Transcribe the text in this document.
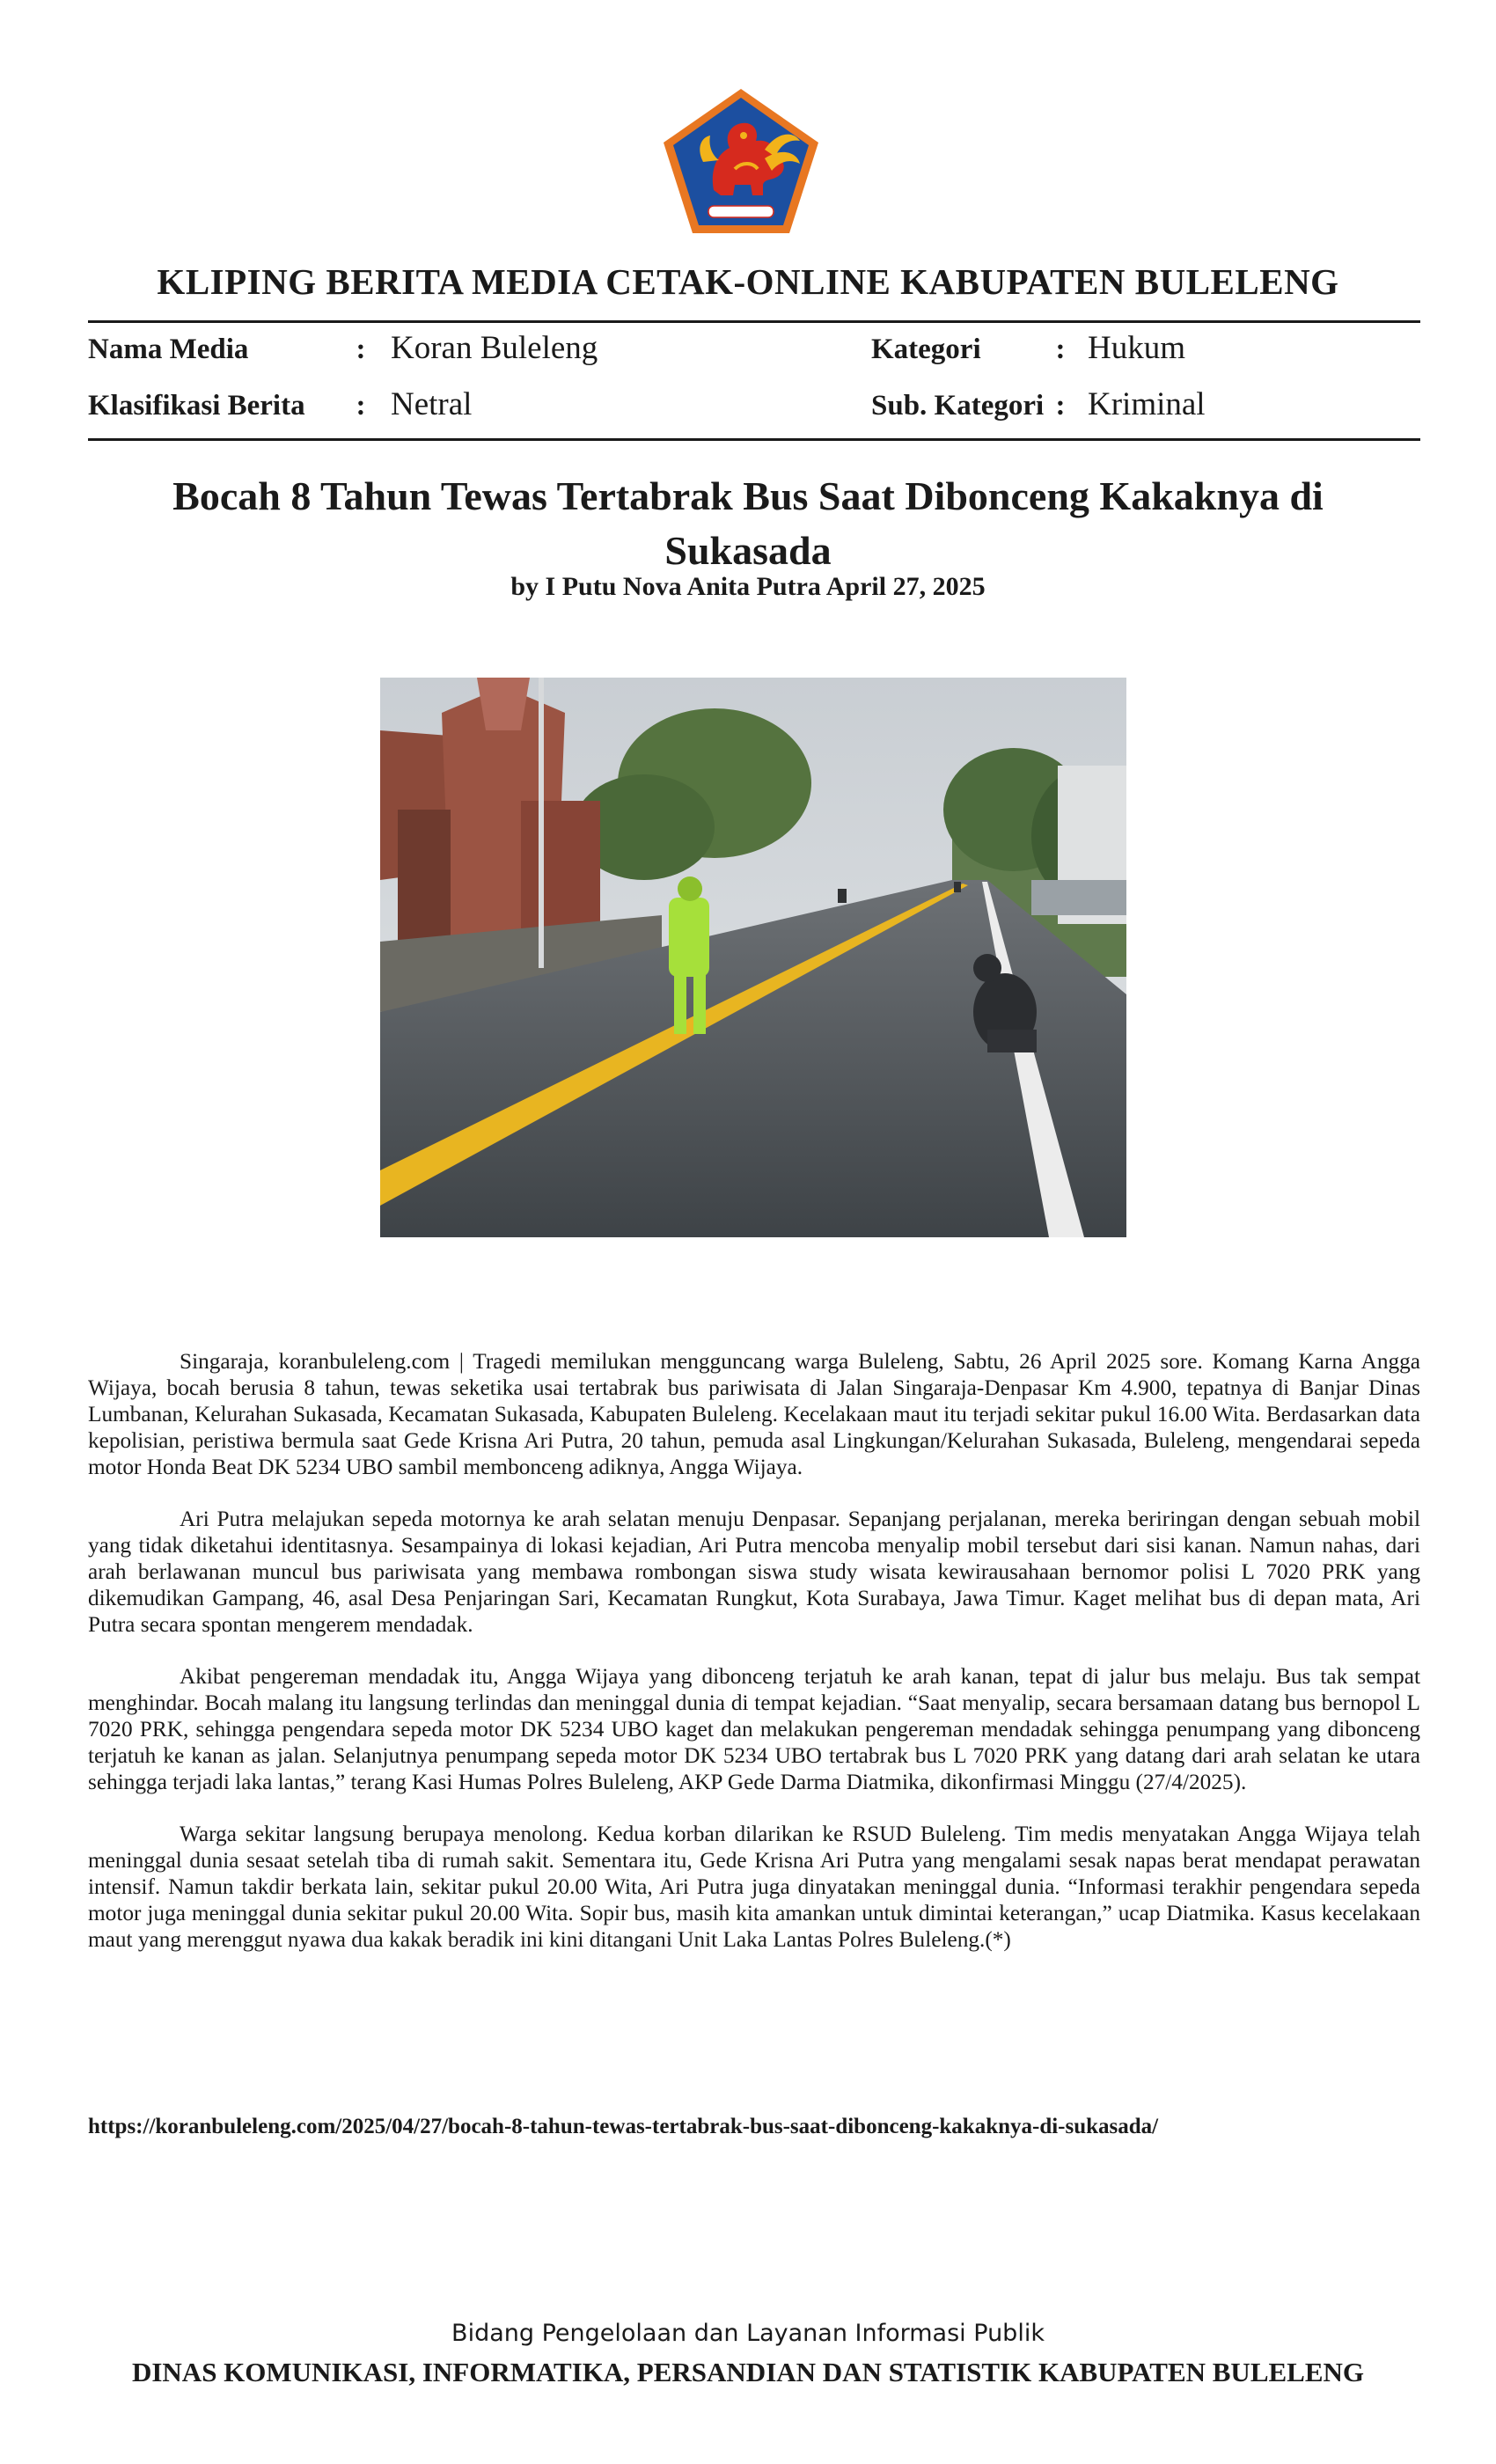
KLIPING BERITA MEDIA CETAK-ONLINE KABUPATEN BULELENG
Nama Media	: Koran Buleleng
Klasifikasi Berita : Netral
Kategori	: Hukum
Sub. Kategori : Kriminal
Bocah 8 Tahun Tewas Tertabrak Bus Saat Dibonceng Kakaknya di Sukasada
by I Putu Nova Anita Putra April 27, 2025

Singaraja, koranbuleleng.com | Tragedi memilukan mengguncang warga Buleleng, Sabtu, 26 April 2025 sore. Komang Karna Angga Wijaya, bocah berusia 8 tahun, tewas seketika usai tertabrak bus pariwisata di Jalan Singaraja-Denpasar Km 4.900, tepatnya di Banjar Dinas Lumbanan, Kelurahan Sukasada, Kecamatan Sukasada, Kabupaten Buleleng. Kecelakaan maut itu terjadi sekitar pukul 16.00 Wita. Berdasarkan data kepolisian, peristiwa bermula saat Gede Krisna Ari Putra, 20 tahun, pemuda asal Lingkungan/Kelurahan Sukasada, Buleleng, mengendarai sepeda motor Honda Beat DK 5234 UBO sambil membonceng adiknya, Angga Wijaya.

Ari Putra melajukan sepeda motornya ke arah selatan menuju Denpasar. Sepanjang perjalanan, mereka beriringan dengan sebuah mobil yang tidak diketahui identitasnya. Sesampainya di lokasi kejadian, Ari Putra mencoba menyalip mobil tersebut dari sisi kanan. Namun nahas, dari arah berlawanan muncul bus pariwisata yang membawa rombongan siswa study wisata kewirausahaan bernomor polisi L 7020 PRK yang dikemudikan Gampang, 46, asal Desa Penjaringan Sari, Kecamatan Rungkut, Kota Surabaya, Jawa Timur. Kaget melihat bus di depan mata, Ari Putra secara spontan mengerem mendadak.

Akibat pengereman mendadak itu, Angga Wijaya yang dibonceng terjatuh ke arah kanan, tepat di jalur bus melaju. Bus tak sempat menghindar. Bocah malang itu langsung terlindas dan meninggal dunia di tempat kejadian. “Saat menyalip, secara bersamaan datang bus bernopol L 7020 PRK, sehingga pengendara sepeda motor DK 5234 UBO kaget dan melakukan pengereman mendadak sehingga penumpang yang dibonceng terjatuh ke kanan as jalan. Selanjutnya penumpang sepeda motor DK 5234 UBO tertabrak bus L 7020 PRK yang datang dari arah selatan ke utara sehingga terjadi laka lantas,” terang Kasi Humas Polres Buleleng, AKP Gede Darma Diatmika, dikonfirmasi Minggu (27/4/2025).

Warga sekitar langsung berupaya menolong. Kedua korban dilarikan ke RSUD Buleleng. Tim medis menyatakan Angga Wijaya telah meninggal dunia sesaat setelah tiba di rumah sakit. Sementara itu, Gede Krisna Ari Putra yang mengalami sesak napas berat mendapat perawatan intensif. Namun takdir berkata lain, sekitar pukul 20.00 Wita, Ari Putra juga dinyatakan meninggal dunia. “Informasi terakhir pengendara sepeda motor juga meninggal dunia sekitar pukul 20.00 Wita. Sopir bus, masih kita amankan untuk dimintai keterangan,” ucap Diatmika. Kasus kecelakaan maut yang merenggut nyawa dua kakak beradik ini kini ditangani Unit Laka Lantas Polres Buleleng.(*)

https://koranbuleleng.com/2025/04/27/bocah-8-tahun-tewas-tertabrak-bus-saat-dibonceng-kakaknya-di-sukasada/
Bidang Pengelolaan dan Layanan Informasi Publik
DINAS KOMUNIKASI, INFORMATIKA, PERSANDIAN DAN STATISTIK KABUPATEN BULELENG
